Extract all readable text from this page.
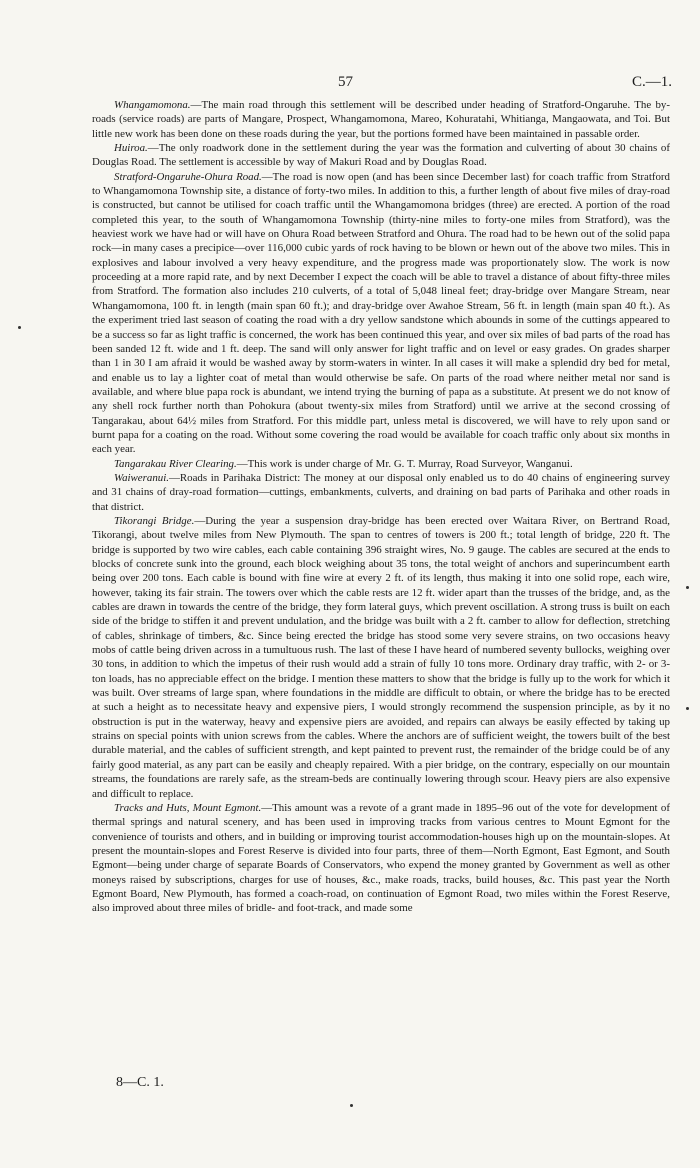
57	C.—1.

Whangamomona.—The main road through this settlement will be described under heading of Stratford-Ongaruhe. The by-roads (service roads) are parts of Mangare, Prospect, Whangamomona, Mareo, Kohuratahi, Whitianga, Mangaowata, and Toi. But little new work has been done on these roads during the year, but the portions formed have been maintained in passable order.

Huiroa.—The only roadwork done in the settlement during the year was the formation and culverting of about 30 chains of Douglas Road. The settlement is accessible by way of Makuri Road and by Douglas Road.

Stratford-Ongaruhe-Ohura Road.—The road is now open (and has been since December last) for coach traffic from Stratford to Whangamomona Township site, a distance of forty-two miles. In addition to this, a further length of about five miles of dray-road is constructed, but cannot be utilised for coach traffic until the Whangamomona bridges (three) are erected. A portion of the road completed this year, to the south of Whangamomona Township (thirty-nine miles to forty-one miles from Stratford), was the heaviest work we have had or will have on Ohura Road between Stratford and Ohura. The road had to be hewn out of the solid papa rock—in many cases a precipice—over 116,000 cubic yards of rock having to be blown or hewn out of the above two miles. This in explosives and labour involved a very heavy expenditure, and the progress made was proportionately slow. The work is now proceeding at a more rapid rate, and by next December I expect the coach will be able to travel a distance of about fifty-three miles from Stratford. The formation also includes 210 culverts, of a total of 5,048 lineal feet; dray-bridge over Mangare Stream, near Whangamomona, 100 ft. in length (main span 60 ft.); and dray-bridge over Awahoe Stream, 56 ft. in length (main span 40 ft.). As the experiment tried last season of coating the road with a dry yellow sandstone which abounds in some of the cuttings appeared to be a success so far as light traffic is concerned, the work has been continued this year, and over six miles of bad parts of the road has been sanded 12 ft. wide and 1 ft. deep. The sand will only answer for light traffic and on level or easy grades. On grades sharper than 1 in 30 I am afraid it would be washed away by storm-waters in winter. In all cases it will make a splendid dry bed for metal, and enable us to lay a lighter coat of metal than would otherwise be safe. On parts of the road where neither metal nor sand is available, and where blue papa rock is abundant, we intend trying the burning of papa as a substitute. At present we do not know of any shell rock further north than Pohokura (about twenty-six miles from Stratford) until we arrive at the second crossing of Tangarakau, about 64½ miles from Stratford. For this middle part, unless metal is discovered, we will have to rely upon sand or burnt papa for a coating on the road. Without some covering the road would be available for coach traffic only about six months in each year.

Tangarakau River Clearing.—This work is under charge of Mr. G. T. Murray, Road Surveyor, Wanganui.

Waiweranui.—Roads in Parihaka District: The money at our disposal only enabled us to do 40 chains of engineering survey and 31 chains of dray-road formation—cuttings, embankments, culverts, and draining on bad parts of Parihaka and other roads in that district.

Tikorangi Bridge.—During the year a suspension dray-bridge has been erected over Waitara River, on Bertrand Road, Tikorangi, about twelve miles from New Plymouth. The span to centres of towers is 200 ft.; total length of bridge, 220 ft. The bridge is supported by two wire cables, each cable containing 396 straight wires, No. 9 gauge. The cables are secured at the ends to blocks of concrete sunk into the ground, each block weighing about 35 tons, the total weight of anchors and superincumbent earth being over 200 tons. Each cable is bound with fine wire at every 2 ft. of its length, thus making it into one solid rope, each wire, however, taking its fair strain. The towers over which the cable rests are 12 ft. wider apart than the trusses of the bridge, and, as the cables are drawn in towards the centre of the bridge, they form lateral guys, which prevent oscillation. A strong truss is built on each side of the bridge to stiffen it and prevent undulation, and the bridge was built with a 2 ft. camber to allow for deflection, stretching of cables, shrinkage of timbers, &c. Since being erected the bridge has stood some very severe strains, on two occasions heavy mobs of cattle being driven across in a tumultuous rush. The last of these I have heard of numbered seventy bullocks, weighing over 30 tons, in addition to which the impetus of their rush would add a strain of fully 10 tons more. Ordinary dray traffic, with 2- or 3-ton loads, has no appreciable effect on the bridge. I mention these matters to show that the bridge is fully up to the work for which it was built. Over streams of large span, where foundations in the middle are difficult to obtain, or where the bridge has to be erected at such a height as to necessitate heavy and expensive piers, I would strongly recommend the suspension principle, as by it no obstruction is put in the waterway, heavy and expensive piers are avoided, and repairs can always be easily effected by taking up strains on special points with union screws from the cables. Where the anchors are of sufficient weight, the towers built of the best durable material, and the cables of sufficient strength, and kept painted to prevent rust, the remainder of the bridge could be of any fairly good material, as any part can be easily and cheaply repaired. With a pier bridge, on the contrary, especially on our mountain streams, the foundations are rarely safe, as the stream-beds are continually lowering through scour. Heavy piers are also expensive and difficult to replace.

Tracks and Huts, Mount Egmont.—This amount was a revote of a grant made in 1895–96 out of the vote for development of thermal springs and natural scenery, and has been used in improving tracks from various centres to Mount Egmont for the convenience of tourists and others, and in building or improving tourist accommodation-houses high up on the mountain-slopes. At present the mountain-slopes and Forest Reserve is divided into four parts, three of them—North Egmont, East Egmont, and South Egmont—being under charge of separate Boards of Conservators, who expend the money granted by Government as well as other moneys raised by subscriptions, charges for use of houses, &c., make roads, tracks, build houses, &c. This past year the North Egmont Board, New Plymouth, has formed a coach-road, on continuation of Egmont Road, two miles within the Forest Reserve, also improved about three miles of bridle- and foot-track, and made some

8—C. 1.
